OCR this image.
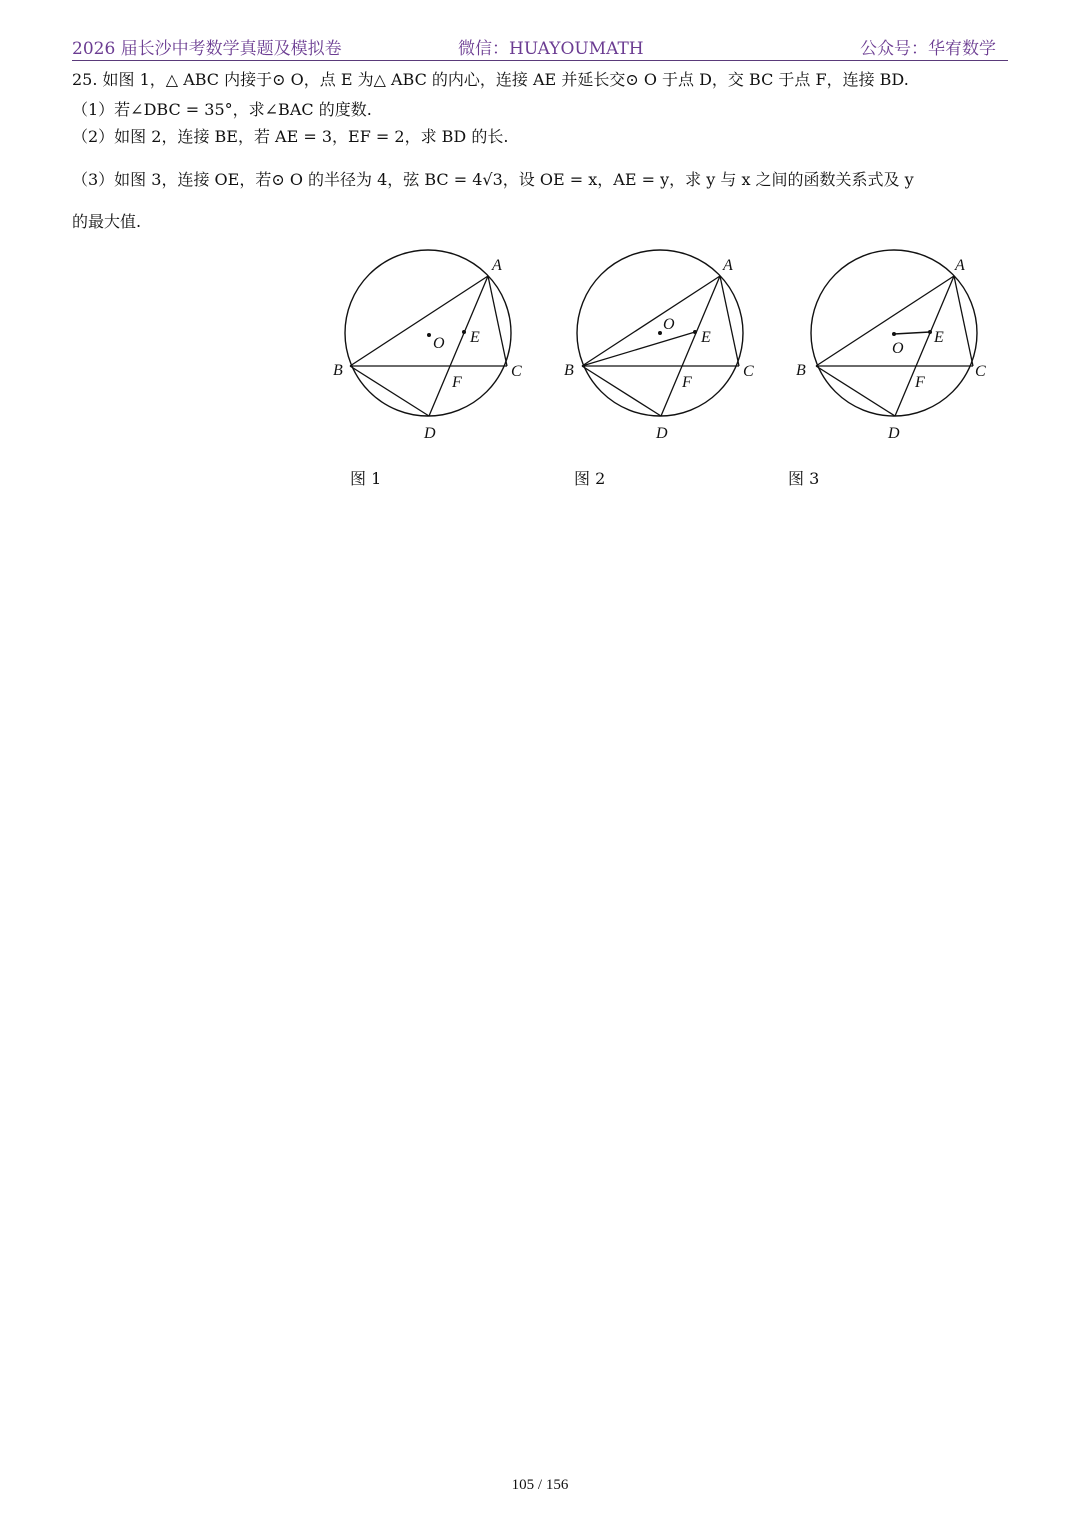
2026 届长沙中考数学真题及模拟卷	微信：HUAYOUMATH	公众号：华宥数学
25. 如图 1，△ ABC 内接于⊙ O，点 E 为△ ABC 的内心，连接 AE 并延长交⊙ O 于点 D，交 BC 于点 F，连接 BD.
（1）若∠DBC = 35°，求∠BAC 的度数.
（2）如图 2，连接 BE，若 AE = 3，EF = 2，求 BD 的长.
（3）如图 3，连接 OE，若⊙ O 的半径为 4，弦 BC = 4√3，设 OE = x，AE = y，求 y 与 x 之间的函数关系式及 y
的最大值.
A
B	C
D
E
F
O
图 1
A
B	C
D
E
F
O
图 2
A
B	C
D
E
F
O
图 3
105 / 156
